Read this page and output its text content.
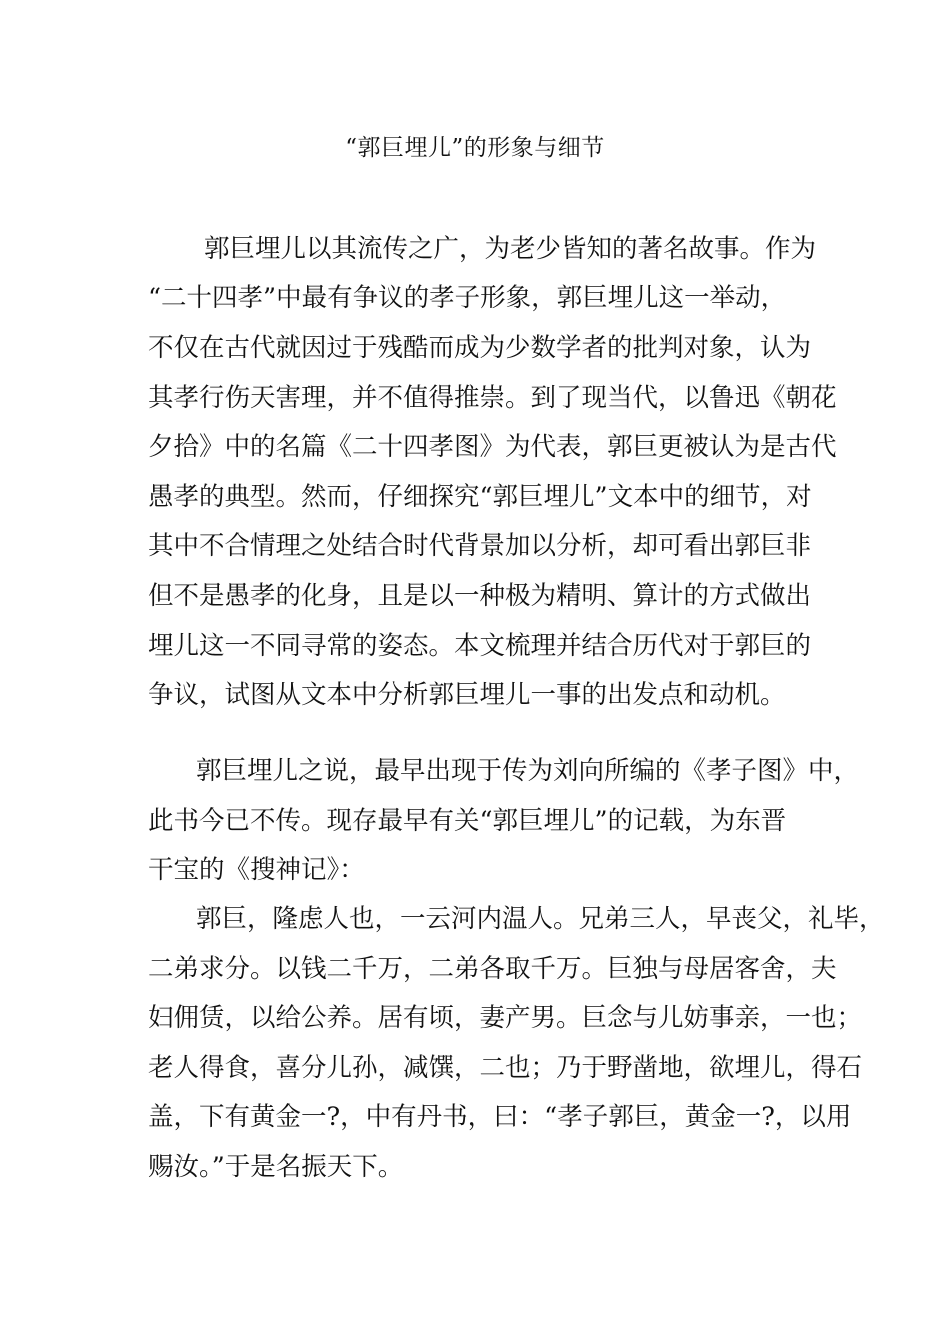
“郭巨埋儿”的形象与细节
郭巨埋儿以其流传之广，为老少皆知的著名故事。作为
“二十四孝”中最有争议的孝子形象，郭巨埋儿这一举动，
不仅在古代就因过于残酷而成为少数学者的批判对象，认为
其孝行伤天害理，并不值得推崇。到了现当代，以鲁迅《朝花
夕拾》中的名篇《二十四孝图》为代表，郭巨更被认为是古代
愚孝的典型。然而，仔细探究“郭巨埋儿”文本中的细节，对
其中不合情理之处结合时代背景加以分析，却可看出郭巨非
但不是愚孝的化身，且是以一种极为精明、算计的方式做出
埋儿这一不同寻常的姿态。本文梳理并结合历代对于郭巨的
争议，试图从文本中分析郭巨埋儿一事的出发点和动机。
郭巨埋儿之说，最早出现于传为刘向所编的《孝子图》中，
此书今已不传。现存最早有关“郭巨埋儿”的记载，为东晋
干宝的《搜神记》：
郭巨，隆虑人也，一云河内温人。兄弟三人，早丧父，礼毕，
二弟求分。以钱二千万，二弟各取千万。巨独与母居客舍，夫
妇佣赁，以给公养。居有顷，妻产男。巨念与儿妨事亲，一也；
老人得食，喜分儿孙，减馔，二也；乃于野凿地，欲埋儿，得石
盖，下有黄金一?，中有丹书，曰：“孝子郭巨，黄金一?，以用
赐汝。”于是名振天下。
